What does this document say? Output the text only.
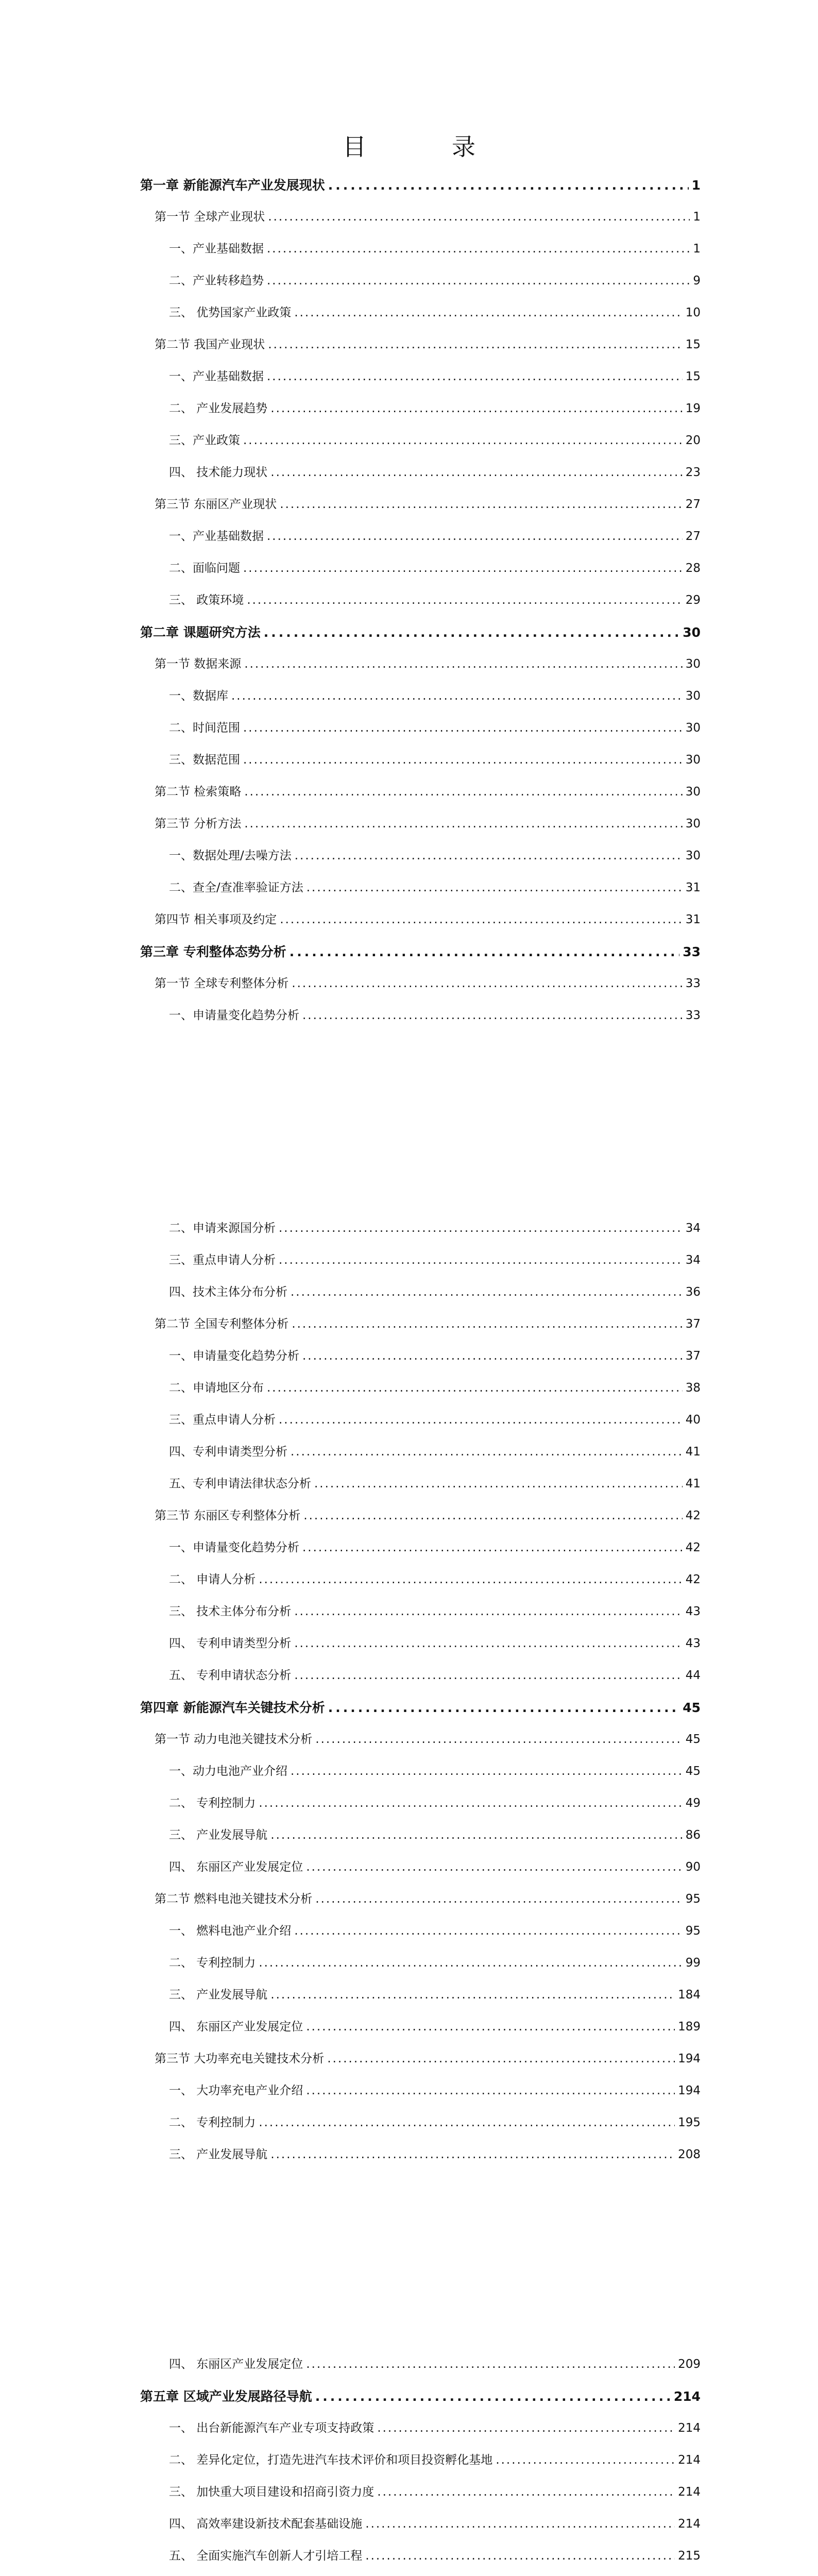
目　录
第一章 新能源汽车产业发展现状 .....	1
第一节 全球产业现状 .....	1
一、产业基础数据 .....	1
二、产业转移趋势 .....	9
三、 优势国家产业政策 .....	10
第二节 我国产业现状 .....	15
一、产业基础数据 .....	15
二、 产业发展趋势 .....	19
三、产业政策 .....	20
四、 技术能力现状 .....	23
第三节 东丽区产业现状 .....	27
一、产业基础数据 .....	27
二、面临问题 .....	28
三、 政策环境 .....	29
第二章 课题研究方法 .....	30
第一节 数据来源 .....	30
一、数据库 .....	30
二、时间范围 .....	30
三、数据范围 .....	30
第二节 检索策略 .....	30
第三节 分析方法 .....	30
一、数据处理/去噪方法 .....	30
二、查全/查准率验证方法 .....	31
第四节 相关事项及约定 .....	31
第三章 专利整体态势分析 .....	33
第一节 全球专利整体分析 .....	33
一、申请量变化趋势分析 .....	33
二、申请来源国分析 .....	34
三、重点申请人分析 .....	34
四、技术主体分布分析 .....	36
第二节 全国专利整体分析 .....	37
一、申请量变化趋势分析 .....	37
二、申请地区分布 .....	38
三、重点申请人分析 .....	40
四、专利申请类型分析 .....	41
五、专利申请法律状态分析 .....	41
第三节 东丽区专利整体分析 .....	42
一、申请量变化趋势分析 .....	42
二、 申请人分析 .....	42
三、 技术主体分布分析 .....	43
四、 专利申请类型分析 .....	43
五、 专利申请状态分析 .....	44
第四章 新能源汽车关键技术分析 .....	45
第一节 动力电池关键技术分析 .....	45
一、动力电池产业介绍 .....	45
二、 专利控制力 .....	49
三、 产业发展导航 .....	86
四、 东丽区产业发展定位 .....	90
第二节 燃料电池关键技术分析 .....	95
一、 燃料电池产业介绍 .....	95
二、 专利控制力 .....	99
三、 产业发展导航 .....	184
四、 东丽区产业发展定位 .....	189
第三节 大功率充电关键技术分析 .....	194
一、 大功率充电产业介绍 .....	194
二、 专利控制力 .....	195
三、 产业发展导航 .....	208
四、 东丽区产业发展定位 .....	209
第五章 区域产业发展路径导航 .....	214
一、 出台新能源汽车产业专项支持政策 .....	214
二、 差异化定位，打造先进汽车技术评价和项目投资孵化基地 .....	214
三、 加快重大项目建设和招商引资力度 .....	214
四、 高效率建设新技术配套基础设施 .....	214
五、 全面实施汽车创新人才引培工程 .....	215
